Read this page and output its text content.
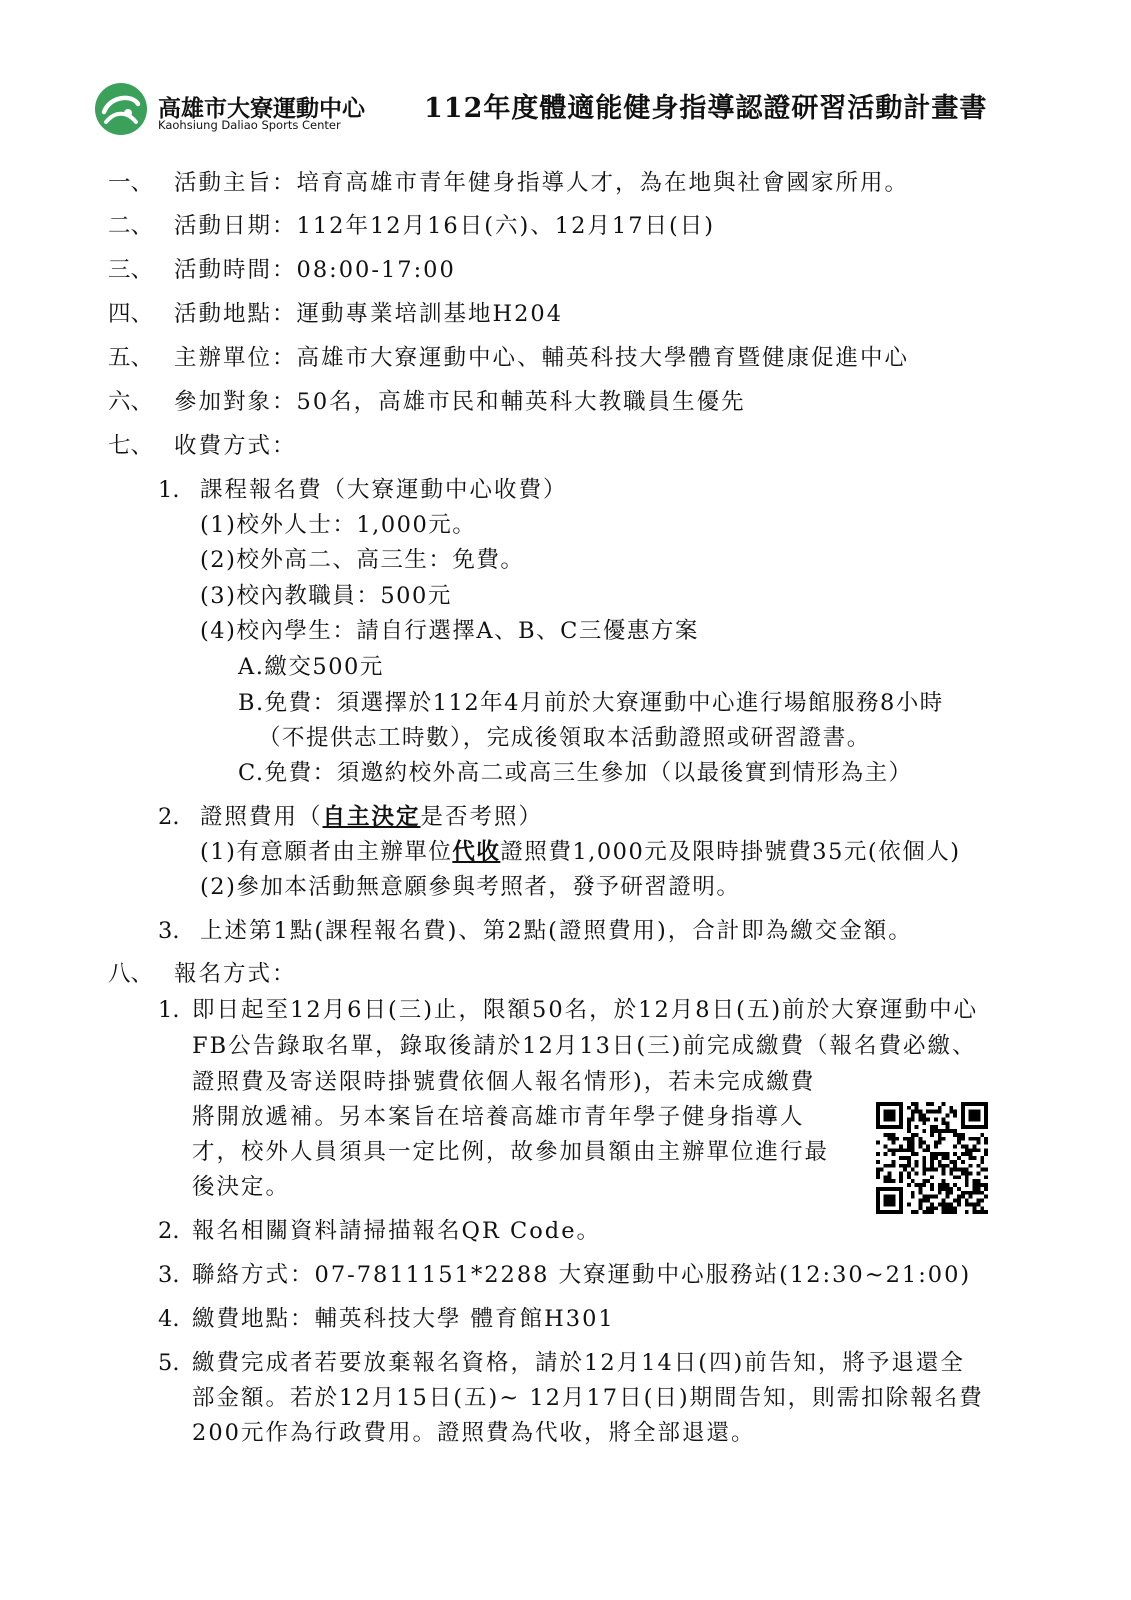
高雄市大寮運動中心
Kaohsiung Daliao Sports Center
112年度體適能健身指導認證研習活動計畫書
一、 活動主旨：培育高雄市青年健身指導人才，為在地與社會國家所用。
二、 活動日期：112年12月16日(六)、12月17日(日)
三、 活動時間：08:00-17:00
四、 活動地點：運動專業培訓基地H204
五、 主辦單位：高雄市大寮運動中心、輔英科技大學體育暨健康促進中心
六、 參加對象：50名，高雄市民和輔英科大教職員生優先
七、 收費方式：
1. 課程報名費（大寮運動中心收費）
(1)校外人士：1,000元。
(2)校外高二、高三生：免費。
(3)校內教職員：500元
(4)校內學生：請自行選擇A、B、C三優惠方案
A.繳交500元
B.免費：須選擇於112年4月前於大寮運動中心進行場館服務8小時
（不提供志工時數），完成後領取本活動證照或研習證書。
C.免費：須邀約校外高二或高三生參加（以最後實到情形為主）
2. 證照費用（自主決定是否考照）
(1)有意願者由主辦單位代收證照費1,000元及限時掛號費35元(依個人)
(2)參加本活動無意願參與考照者，發予研習證明。
3. 上述第1點(課程報名費)、第2點(證照費用)，合計即為繳交金額。
八、 報名方式：
1. 即日起至12月6日(三)止，限額50名，於12月8日(五)前於大寮運動中心
FB公告錄取名單，錄取後請於12月13日(三)前完成繳費（報名費必繳、
證照費及寄送限時掛號費依個人報名情形)，若未完成繳費
將開放遞補。另本案旨在培養高雄市青年學子健身指導人
才，校外人員須具一定比例，故參加員額由主辦單位進行最
後決定。
2. 報名相關資料請掃描報名QR Code。
3. 聯絡方式：07-7811151*2288 大寮運動中心服務站(12:30~21:00)
4. 繳費地點：輔英科技大學 體育館H301
5. 繳費完成者若要放棄報名資格，請於12月14日(四)前告知，將予退還全
部金額。若於12月15日(五)~ 12月17日(日)期間告知，則需扣除報名費
200元作為行政費用。證照費為代收，將全部退還。
